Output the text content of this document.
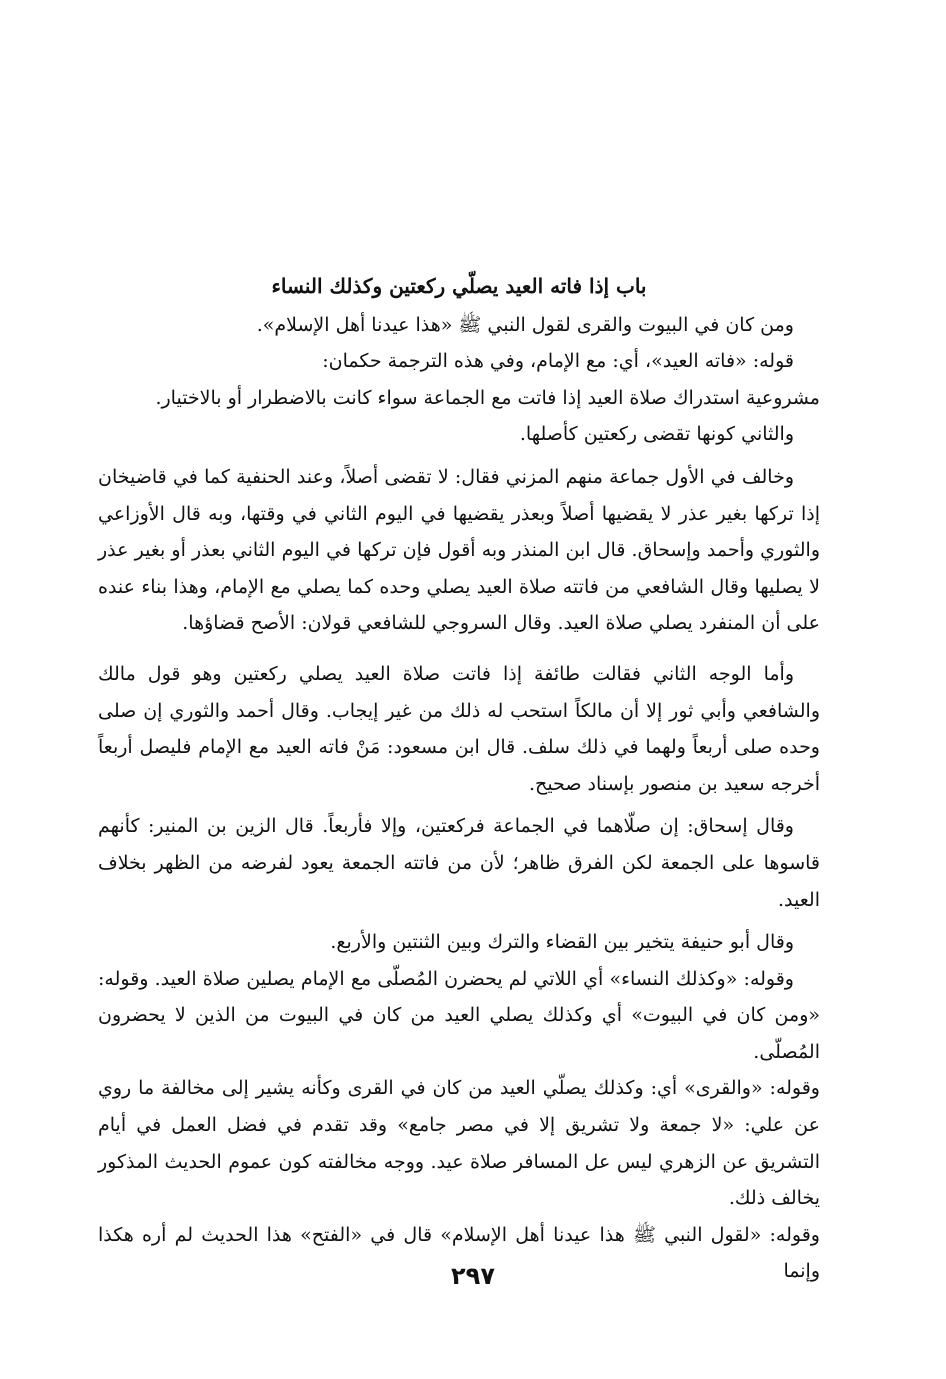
باب إذا فاته العيد يصلّي ركعتين وكذلك النساء

ومن كان في البيوت والقرى لقول النبي ﷺ «هذا عيدنا أهل الإسلام».

قوله: «فاته العيد»، أي: مع الإمام، وفي هذه الترجمة حكمان:

مشروعية استدراك صلاة العيد إذا فاتت مع الجماعة سواء كانت بالاضطرار أو بالاختيار.

والثاني كونها تقضى ركعتين كأصلها.

وخالف في الأول جماعة منهم المزني فقال: لا تقضى أصلاً، وعند الحنفية كما في قاضيخان إذا تركها بغير عذر لا يقضيها أصلاً وبعذر يقضيها في اليوم الثاني في وقتها، وبه قال الأوزاعي والثوري وأحمد وإسحاق. قال ابن المنذر وبه أقول فإن تركها في اليوم الثاني بعذر أو بغير عذر لا يصليها وقال الشافعي من فاتته صلاة العيد يصلي وحده كما يصلي مع الإمام، وهذا بناء عنده على أن المنفرد يصلي صلاة العيد. وقال السروجي للشافعي قولان: الأصح قضاؤها.

وأما الوجه الثاني فقالت طائفة إذا فاتت صلاة العيد يصلي ركعتين وهو قول مالك والشافعي وأبي ثور إلا أن مالكاً استحب له ذلك من غير إيجاب. وقال أحمد والثوري إن صلى وحده صلى أربعاً ولهما في ذلك سلف. قال ابن مسعود: مَنْ فاته العيد مع الإمام فليصل أربعاً أخرجه سعيد بن منصور بإسناد صحيح.

وقال إسحاق: إن صلّاهما في الجماعة فركعتين، وإلا فأربعاً. قال الزين بن المنير: كأنهم قاسوها على الجمعة لكن الفرق ظاهر؛ لأن من فاتته الجمعة يعود لفرضه من الظهر بخلاف العيد.

وقال أبو حنيفة يتخير بين القضاء والترك وبين الثنتين والأربع.

وقوله: «وكذلك النساء» أي اللاتي لم يحضرن المُصلّى مع الإمام يصلين صلاة العيد. وقوله: «ومن كان في البيوت» أي وكذلك يصلي العيد من كان في البيوت من الذين لا يحضرون المُصلّى.

وقوله: «والقرى» أي: وكذلك يصلّي العيد من كان في القرى وكأنه يشير إلى مخالفة ما روي عن علي: «لا جمعة ولا تشريق إلا في مصر جامع» وقد تقدم في فضل العمل في أيام التشريق عن الزهري ليس عل المسافر صلاة عيد. ووجه مخالفته كون عموم الحديث المذكور يخالف ذلك.

وقوله: «لقول النبي ﷺ هذا عيدنا أهل الإسلام» قال في «الفتح» هذا الحديث لم أره هكذا وإنما

٢٩٧
